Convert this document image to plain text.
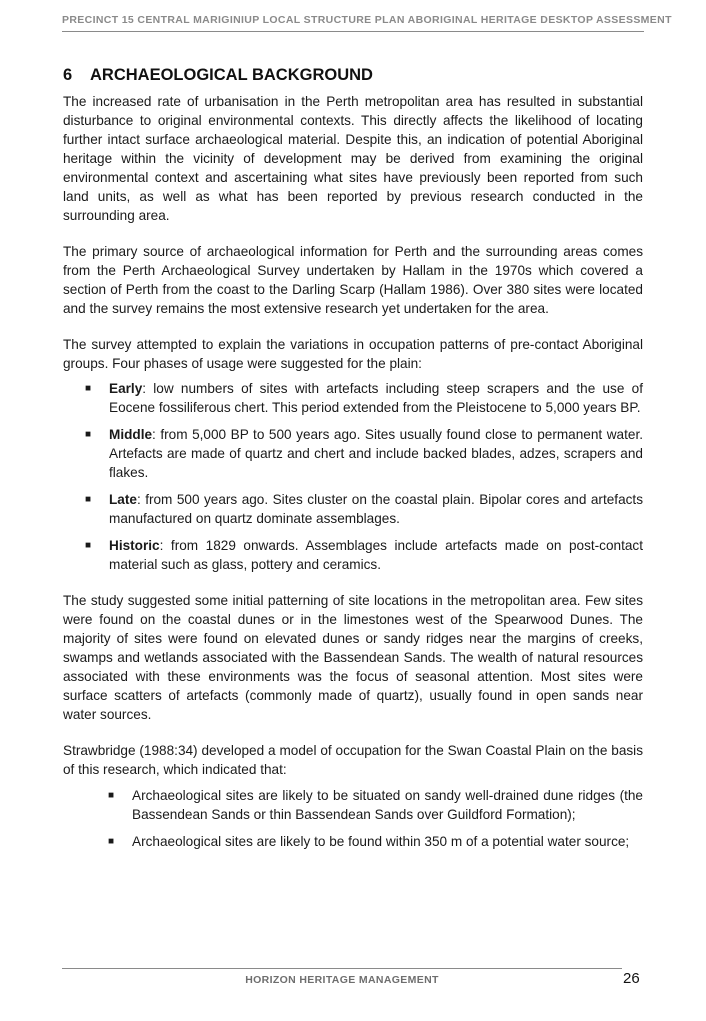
PRECINCT 15 CENTRAL MARIGINIUP LOCAL STRUCTURE PLAN ABORIGINAL HERITAGE DESKTOP ASSESSMENT
6 ARCHAEOLOGICAL BACKGROUND

The increased rate of urbanisation in the Perth metropolitan area has resulted in substantial disturbance to original environmental contexts. This directly affects the likelihood of locating further intact surface archaeological material. Despite this, an indication of potential Aboriginal heritage within the vicinity of development may be derived from examining the original environmental context and ascertaining what sites have previously been reported from such land units, as well as what has been reported by previous research conducted in the surrounding area.

The primary source of archaeological information for Perth and the surrounding areas comes from the Perth Archaeological Survey undertaken by Hallam in the 1970s which covered a section of Perth from the coast to the Darling Scarp (Hallam 1986). Over 380 sites were located and the survey remains the most extensive research yet undertaken for the area.

The survey attempted to explain the variations in occupation patterns of pre-contact Aboriginal groups. Four phases of usage were suggested for the plain:

■ Early: low numbers of sites with artefacts including steep scrapers and the use of Eocene fossiliferous chert. This period extended from the Pleistocene to 5,000 years BP.
■ Middle: from 5,000 BP to 500 years ago. Sites usually found close to permanent water. Artefacts are made of quartz and chert and include backed blades, adzes, scrapers and flakes.
■ Late: from 500 years ago. Sites cluster on the coastal plain. Bipolar cores and artefacts manufactured on quartz dominate assemblages.
■ Historic: from 1829 onwards. Assemblages include artefacts made on post-contact material such as glass, pottery and ceramics.

The study suggested some initial patterning of site locations in the metropolitan area. Few sites were found on the coastal dunes or in the limestones west of the Spearwood Dunes. The majority of sites were found on elevated dunes or sandy ridges near the margins of creeks, swamps and wetlands associated with the Bassendean Sands. The wealth of natural resources associated with these environments was the focus of seasonal attention. Most sites were surface scatters of artefacts (commonly made of quartz), usually found in open sands near water sources.

Strawbridge (1988:34) developed a model of occupation for the Swan Coastal Plain on the basis of this research, which indicated that:

■ Archaeological sites are likely to be situated on sandy well-drained dune ridges (the Bassendean Sands or thin Bassendean Sands over Guildford Formation);
■ Archaeological sites are likely to be found within 350 m of a potential water source;
HORIZON HERITAGE MANAGEMENT	26
